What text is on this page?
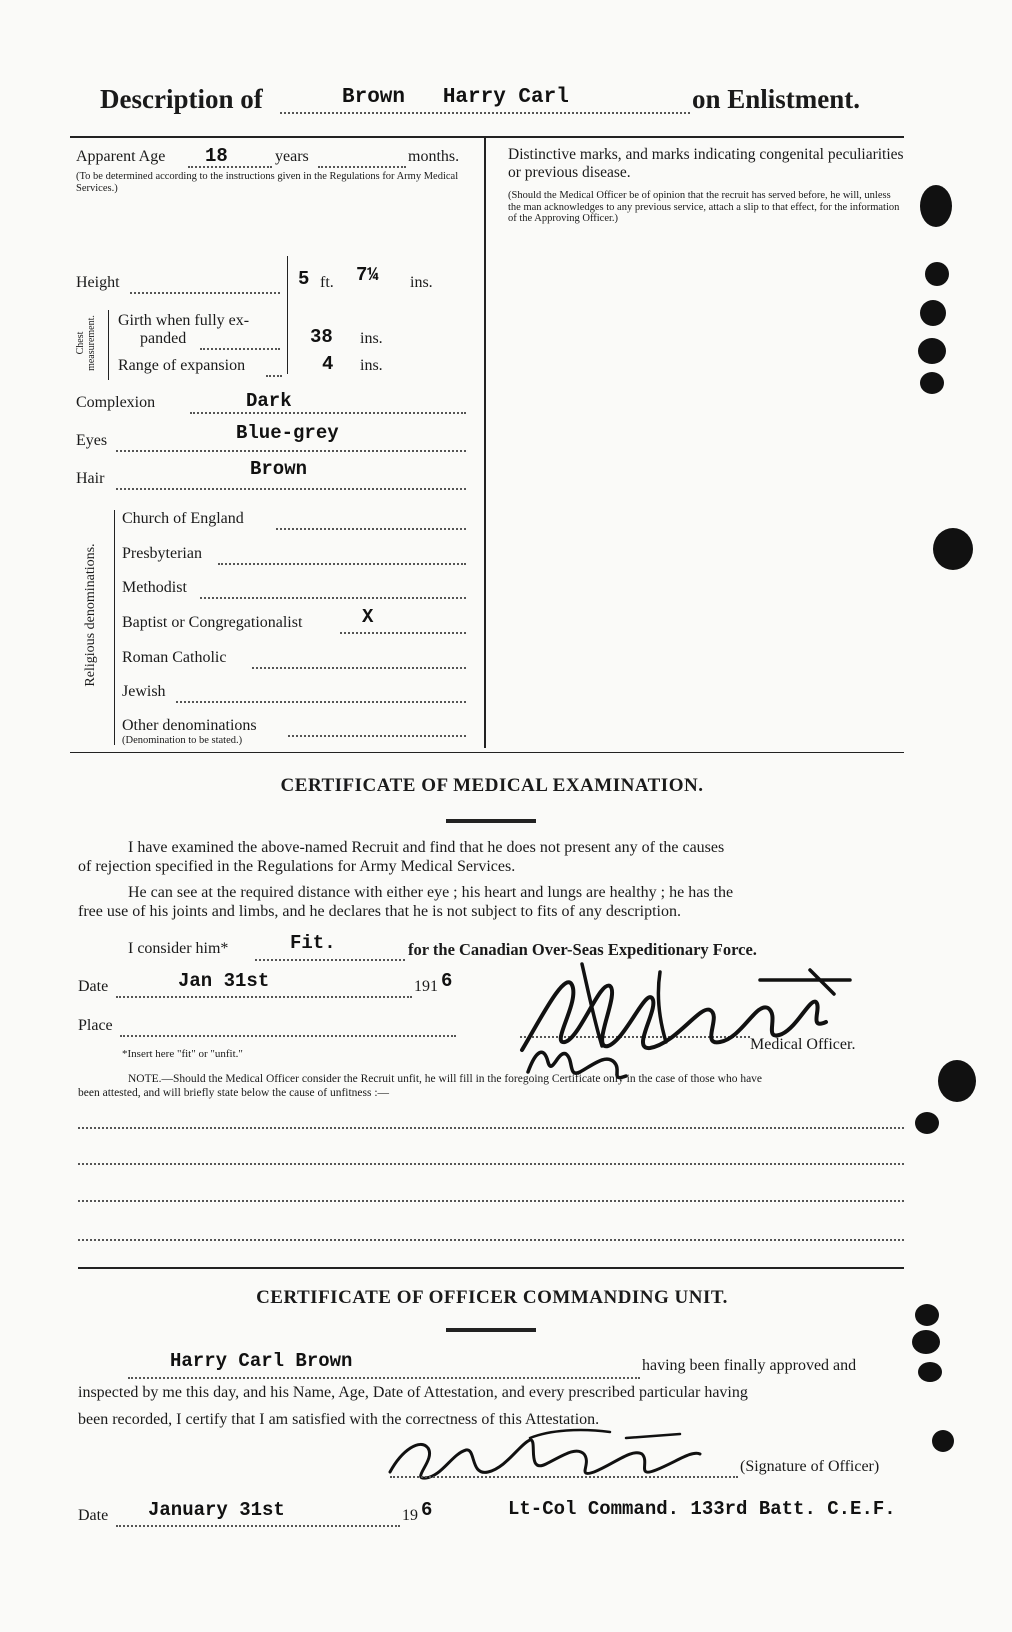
Description of	Brown   Harry Carl	on Enlistment.
Apparent Age 18	years	months.
(To be determined according to the instructions given in the Regulations for Army Medical Services.)
Height	5 ft. 7¼ ins.
Chest measurement. Girth when fully ex-
panded	38 ins.
Range of expansion	4 ins.
Complexion	Dark
Eyes	Blue-grey
Hair	Brown
Religious denominations.
Church of England
Presbyterian
Methodist
Baptist or Congregationalist	X
Roman Catholic
Jewish
Other denominations
(Denomination to be stated.)
Distinctive marks, and marks indicating congenital peculiarities or previous disease.
(Should the Medical Officer be of opinion that the recruit has served before, he will, unless the man acknowledges to any previous service, attach a slip to that effect, for the information of the Approving Officer.)
CERTIFICATE OF MEDICAL EXAMINATION.
I have examined the above-named Recruit and find that he does not present any of the causes
of rejection specified in the Regulations for Army Medical Services.
He can see at the required distance with either eye ; his heart and lungs are healthy ; he has the
free use of his joints and limbs, and he declares that he is not subject to fits of any description.
I consider him*	Fit.	for the Canadian Over-Seas Expeditionary Force.
Date	Jan 31st	191 6
Place
*Insert here "fit" or "unfit."
Medical Officer.
NOTE.—Should the Medical Officer consider the Recruit unfit, he will fill in the foregoing Certificate only in the case of those who have
been attested, and will briefly state below the cause of unfitness :—
CERTIFICATE OF OFFICER COMMANDING UNIT.
Harry Carl Brown	having been finally approved and
inspected by me this day, and his Name, Age, Date of Attestation, and every prescribed particular having
been recorded, I certify that I am satisfied with the correctness of this Attestation.
(Signature of Officer)
Date January 31st	19 6	Lt-Col Command. 133rd Batt. C.E.F.
